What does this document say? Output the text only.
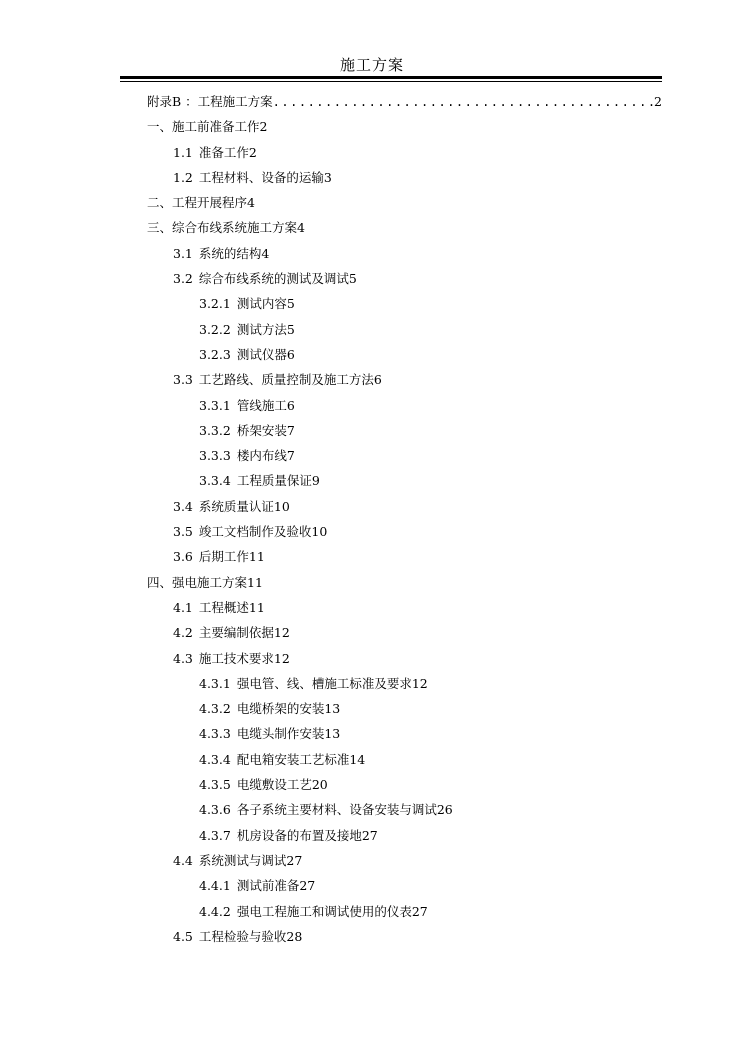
施工方案
附录B ：工程施工方案
.....	2
一、施工前准备工作2
1.1 准备工作2
1.2 工程材料、设备的运输3
二、工程开展程序4
三、综合布线系统施工方案4
3.1 系统的结构4
3.2 综合布线系统的测试及调试5
3.2.1 测试内容5
3.2.2 测试方法5
3.2.3 测试仪器6
3.3 工艺路线、质量控制及施工方法6
3.3.1 管线施工6
3.3.2 桥架安装7
3.3.3 楼内布线7
3.3.4 工程质量保证9
3.4 系统质量认证10
3.5 竣工文档制作及验收10
3.6 后期工作11
四、强电施工方案11
4.1 工程概述11
4.2 主要编制依据12
4.3 施工技术要求12
4.3.1 强电管、线、槽施工标准及要求12
4.3.2 电缆桥架的安装13
4.3.3 电缆头制作安装13
4.3.4 配电箱安装工艺标准14
4.3.5 电缆敷设工艺20
4.3.6 各子系统主要材料、设备安装与调试26
4.3.7 机房设备的布置及接地27
4.4 系统测试与调试27
4.4.1 测试前准备27
4.4.2 强电工程施工和调试使用的仪表27
4.5 工程检验与验收28
